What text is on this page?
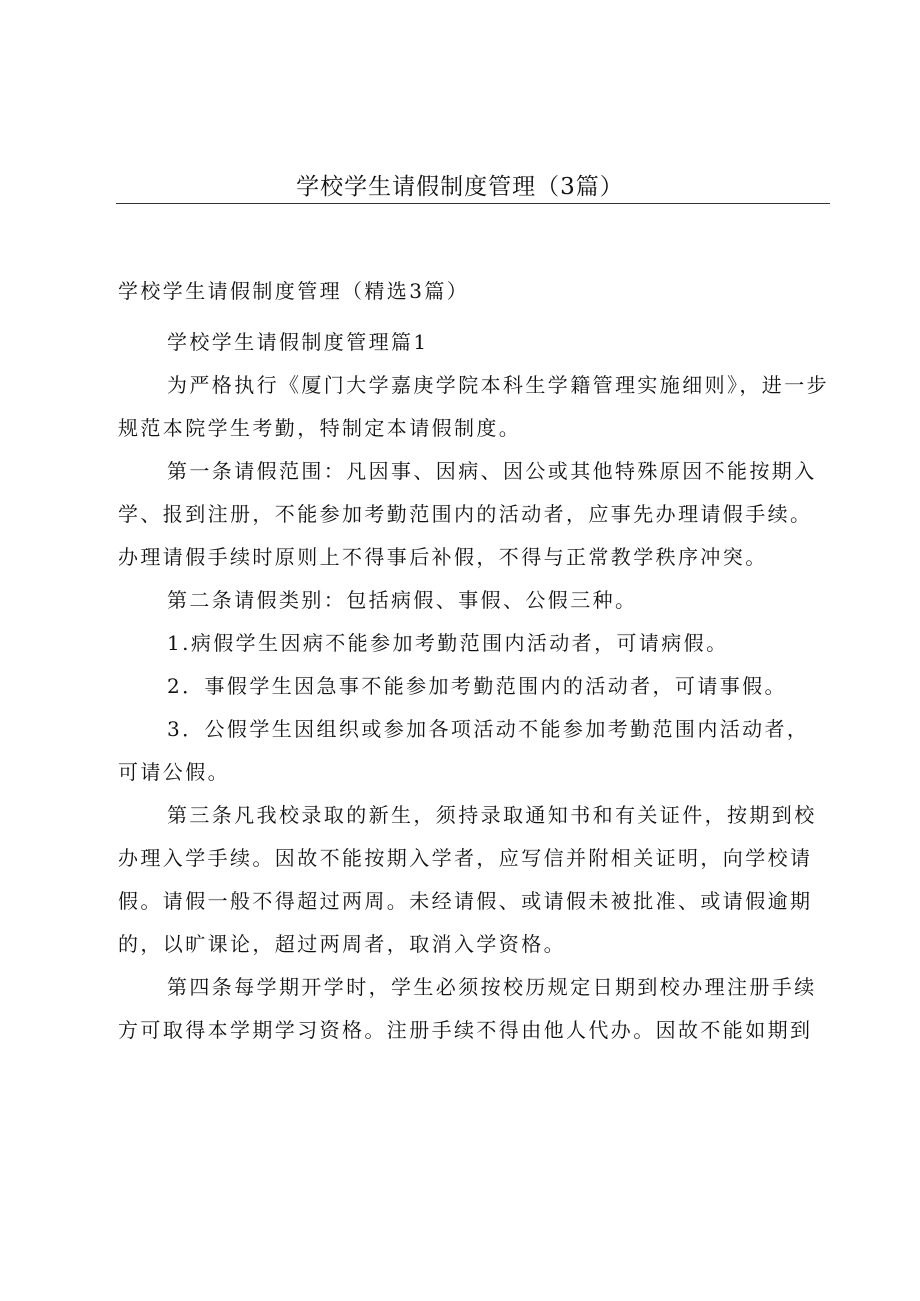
学校学生请假制度管理（3篇）

学校学生请假制度管理（精选3篇）

学校学生请假制度管理篇1

为严格执行《厦门大学嘉庚学院本科生学籍管理实施细则》，进一步规范本院学生考勤，特制定本请假制度。

第一条请假范围：凡因事、因病、因公或其他特殊原因不能按期入学、报到注册，不能参加考勤范围内的活动者，应事先办理请假手续。办理请假手续时原则上不得事后补假，不得与正常教学秩序冲突。

第二条请假类别：包括病假、事假、公假三种。

1.病假学生因病不能参加考勤范围内活动者，可请病假。

2．事假学生因急事不能参加考勤范围内的活动者，可请事假。

3．公假学生因组织或参加各项活动不能参加考勤范围内活动者，可请公假。

第三条凡我校录取的新生，须持录取通知书和有关证件，按期到校办理入学手续。因故不能按期入学者，应写信并附相关证明，向学校请假。请假一般不得超过两周。未经请假、或请假未被批准、或请假逾期的，以旷课论，超过两周者，取消入学资格。

第四条每学期开学时，学生必须按校历规定日期到校办理注册手续方可取得本学期学习资格。注册手续不得由他人代办。因故不能如期到
